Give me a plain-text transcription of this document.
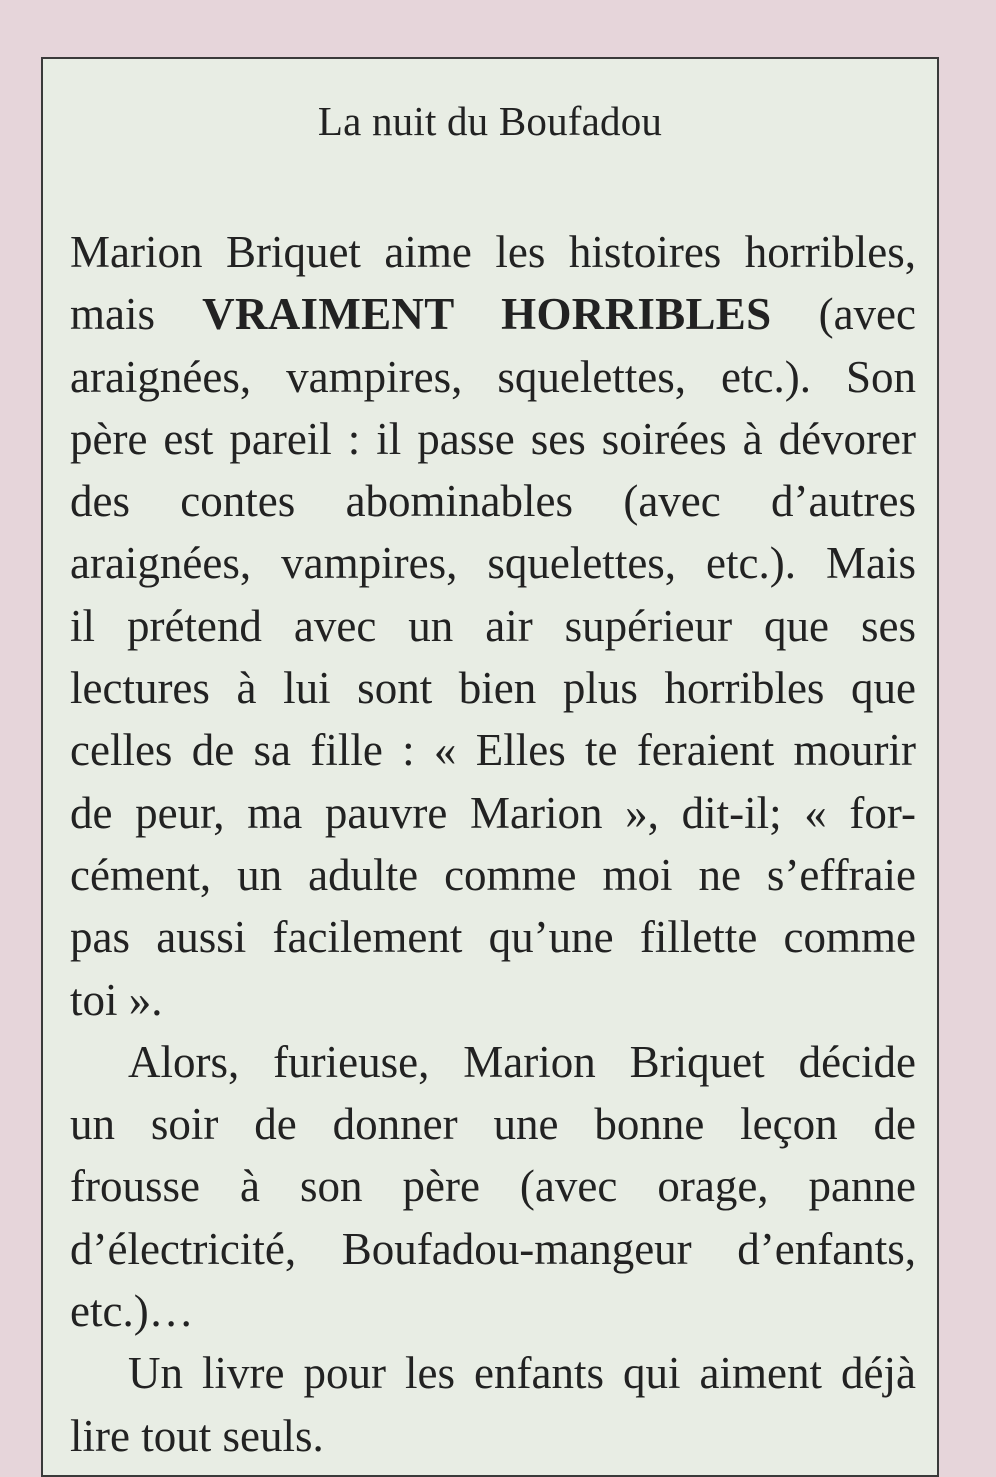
La nuit du Boufadou

Marion Briquet aime les histoires horribles,
mais VRAIMENT HORRIBLES (avec
araignées, vampires, squelettes, etc.). Son
père est pareil : il passe ses soirées à dévorer
des contes abominables (avec d’autres
araignées, vampires, squelettes, etc.). Mais
il prétend avec un air supérieur que ses
lectures à lui sont bien plus horribles que
celles de sa fille : « Elles te feraient mourir
de peur, ma pauvre Marion », dit-il; « for-
cément, un adulte comme moi ne s’effraie
pas aussi facilement qu’une fillette comme
toi ».

Alors, furieuse, Marion Briquet décide
un soir de donner une bonne leçon de
frousse à son père (avec orage, panne
d’électricité, Boufadou-mangeur d’enfants,
etc.)…

Un livre pour les enfants qui aiment déjà
lire tout seuls.
